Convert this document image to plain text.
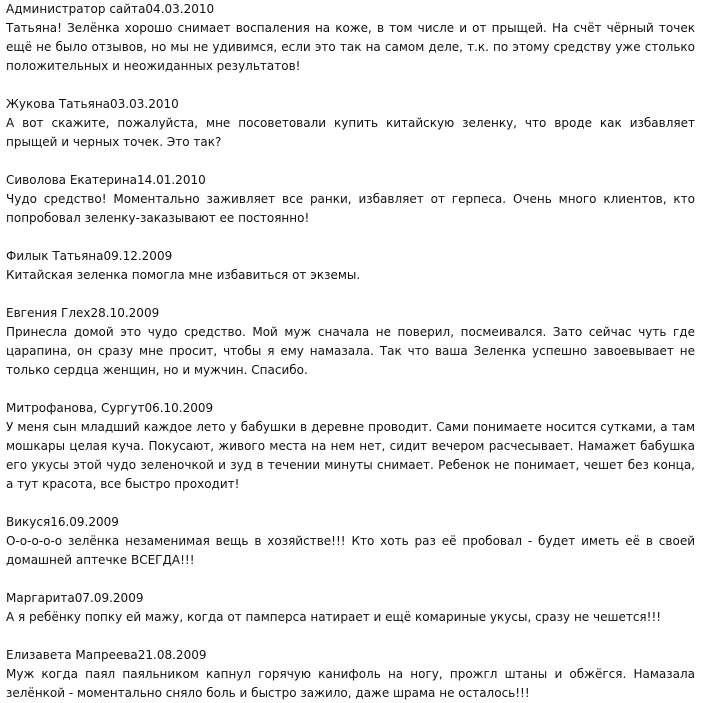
Администратор сайта04.03.2010
Татьяна! Зелёнка хорошо снимает воспаления на коже, в том числе и от прыщей. На счёт чёрный точек ещё не было отзывов, но мы не удивимся, если это так на самом деле, т.к. по этому средству уже столько положительных и неожиданных результатов!
Жукова Татьяна03.03.2010
А вот скажите, пожалуйста, мне посоветовали купить китайскую зеленку, что вроде как избавляет прыщей и черных точек. Это так?
Сиволова Екатерина14.01.2010
Чудо средство! Моментально заживляет все ранки, избавляет от герпеса. Очень много клиентов, кто попробовал зеленку-заказывают ее постоянно!
Филык Татьяна09.12.2009
Китайская зеленка помогла мне избавиться от экземы.
Евгения Глех28.10.2009
Принесла домой это чудо средство. Мой муж сначала не поверил, посмеивался. Зато сейчас чуть где царапина, он сразу мне просит, чтобы я ему намазала. Так что ваша Зеленка успешно завоевывает не только сердца женщин, но и мужчин. Спасибо.
Митрофанова, Сургут06.10.2009
У меня сын младший каждое лето у бабушки в деревне проводит. Сами понимаете носится сутками, а там мошкары целая куча. Покусают, живого места на нем нет, сидит вечером расчесывает. Намажет бабушка его укусы этой чудо зеленочкой и зуд в течении минуты снимает. Ребенок не понимает, чешет без конца, а тут красота, все быстро проходит!
Викуся16.09.2009
О-о-о-о-о зелёнка незаменимая вещь в хозяйстве!!! Кто хоть раз её пробовал - будет иметь её в своей домашней аптечке ВСЕГДА!!!
Маргарита07.09.2009
А я ребёнку попку ей мажу, когда от памперса натирает и ещё комариные укусы, сразу не чешется!!!
Елизавета Мапреева21.08.2009
Муж когда паял паяльником капнул горячую канифоль на ногу, прожгл штаны и обжёгся. Намазала зелёнкой - моментально сняло боль и быстро зажило, даже шрама не осталось!!!
